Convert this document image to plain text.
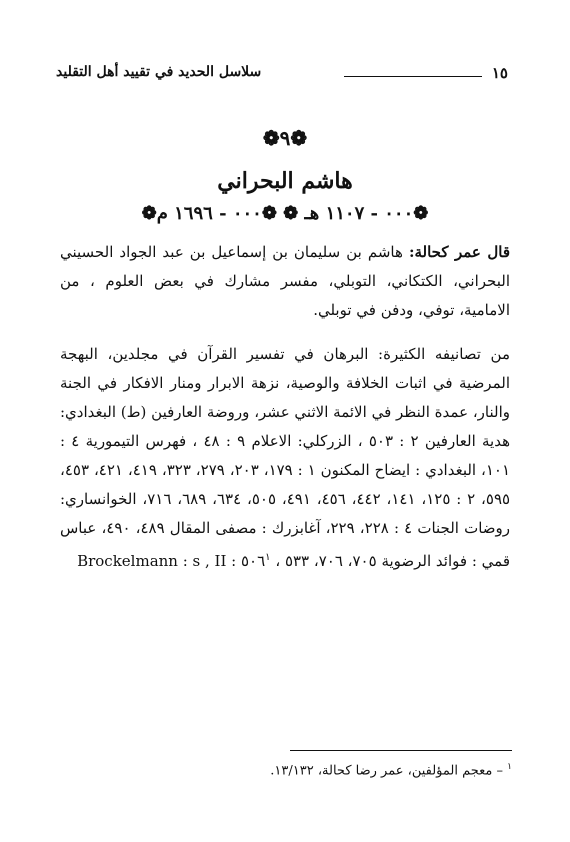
١٥
سلاسل الحديد في تقييد أهل التقليد
❁٩❁
هاشم البحراني
❁٠٠٠ - ١١٠٧ هـ ❁ ❁٠٠٠ - ١٦٩٦ م❁
قال عمر كحالة: هاشم بن سليمان بن إسماعيل بن عبد الجواد الحسيني البحراني، الكتكاني، التوبلي، مفسر مشارك في بعض العلوم ، من الامامية، توفي، ودفن في توبلي.
من تصانيفه الكثيرة: البرهان في تفسير القرآن في مجلدين، البهجة المرضية في اثبات الخلافة والوصية، نزهة الابرار ومنار الافكار في الجنة والنار، عمدة النظر في الائمة الاثني عشر، وروضة العارفين (ط) البغدادي: هدية العارفين ٢ : ٥٠٣ ، الزركلي: الاعلام ٩ : ٤٨ ، فهرس التيمورية ٤ : ١٠١، البغدادي : ايضاح المكنون ١ : ١٧٩، ٢٠٣، ٢٧٩، ٣٢٣، ٤١٩، ٤٢١، ٤٥٣، ٥٩٥، ٢ : ١٢٥، ١٤١، ٤٤٢، ٤٥٦، ٤٩١، ٥٠٥، ٦٣٤، ٦٨٩، ٧١٦، الخوانساري: روضات الجنات ٤ : ٢٢٨، ٢٢٩، آغابزرك : مصفى المقال ٤٨٩، ٤٩٠، عباس قمي : فوائد الرضوية ٧٠٥، ٧٠٦، ٥٣٣ ، Brockelmann : s , II : ٥٠٦$^١$
$^١$ – معجم المؤلفين، عمر رضا كحالة، ١٣/١٣٢.
